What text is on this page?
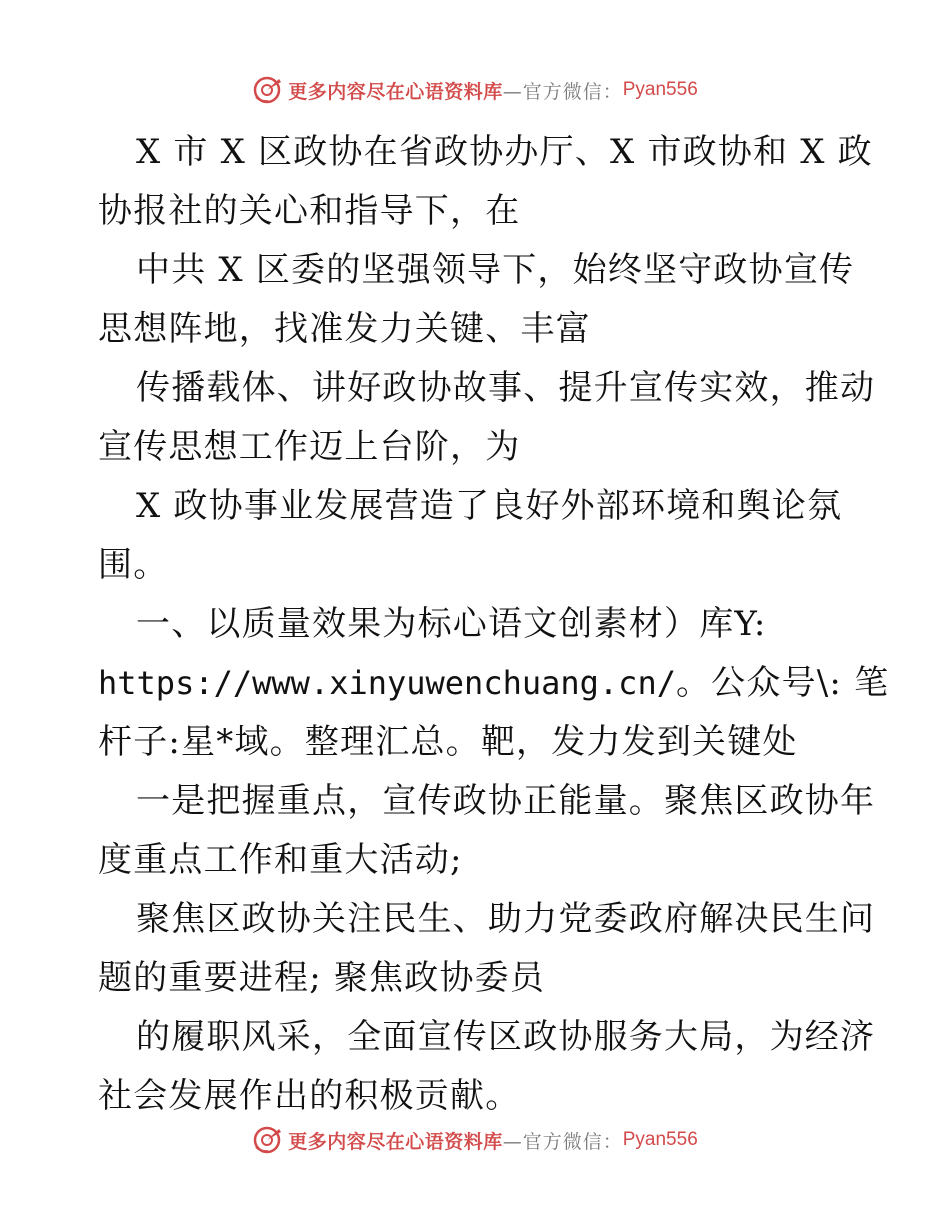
更多内容尽在心语资料库 —官方微信： Pyan556
X 市 X 区政协在省政协办厅、X 市政协和 X 政
协报社的关心和指导下，在
中共 X 区委的坚强领导下，始终坚守政协宣传
思想阵地，找准发力关键、丰富
传播载体、讲好政协故事、提升宣传实效，推动
宣传思想工作迈上台阶，为
X 政协事业发展营造了良好外部环境和舆论氛
围。
一、以质量效果为标心语文创素材）库Y:
https://www.xinyuwenchuang.cn/。公众号\: 笔
杆子:星*域。整理汇总。靶，发力发到关键处
一是把握重点，宣传政协正能量。聚焦区政协年
度重点工作和重大活动;
聚焦区政协关注民生、助力党委政府解决民生问
题的重要进程; 聚焦政协委员
的履职风采，全面宣传区政协服务大局，为经济
社会发展作出的积极贡献。
更多内容尽在心语资料库 —官方微信： Pyan556
